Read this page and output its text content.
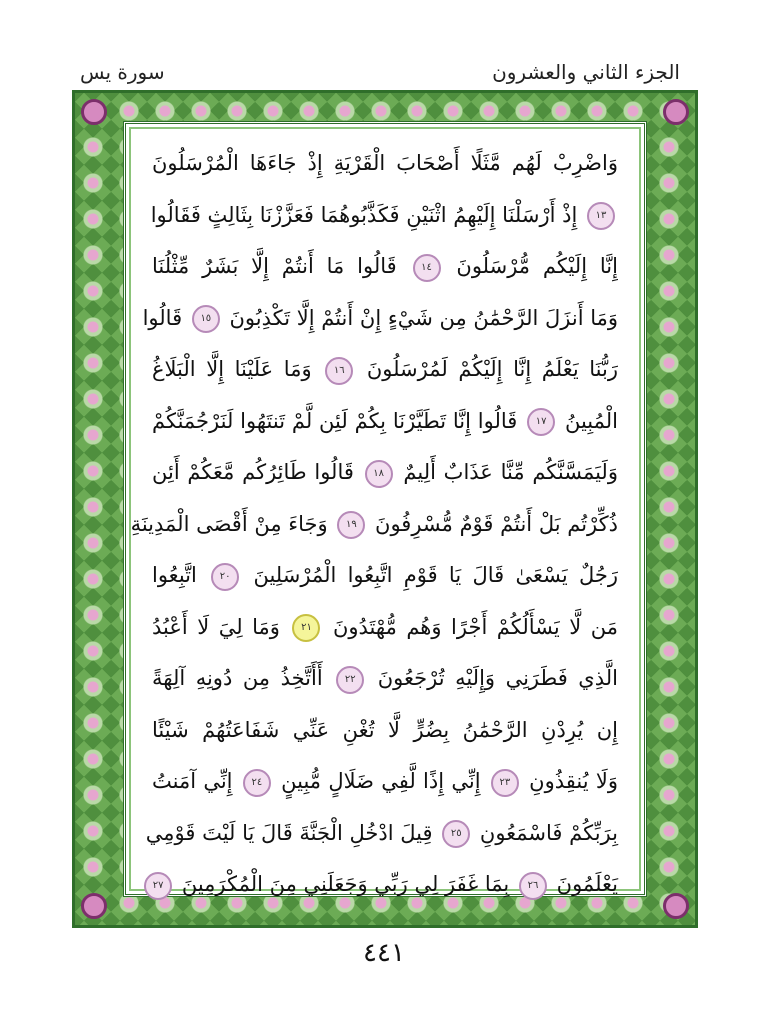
الجزء الثاني والعشرون
سورة يس
وَاضْرِبْ لَهُم مَّثَلًا أَصْحَابَ الْقَرْيَةِ إِذْ جَاءَهَا الْمُرْسَلُونَ
١٣ إِذْ أَرْسَلْنَا إِلَيْهِمُ اثْنَيْنِ فَكَذَّبُوهُمَا فَعَزَّزْنَا بِثَالِثٍ فَقَالُوا
إِنَّا إِلَيْكُم مُّرْسَلُونَ ١٤ قَالُوا مَا أَنتُمْ إِلَّا بَشَرٌ مِّثْلُنَا
وَمَا أَنزَلَ الرَّحْمَٰنُ مِن شَيْءٍ إِنْ أَنتُمْ إِلَّا تَكْذِبُونَ ١٥ قَالُوا
رَبُّنَا يَعْلَمُ إِنَّا إِلَيْكُمْ لَمُرْسَلُونَ ١٦ وَمَا عَلَيْنَا إِلَّا الْبَلَاغُ
الْمُبِينُ ١٧ قَالُوا إِنَّا تَطَيَّرْنَا بِكُمْ لَئِن لَّمْ تَنتَهُوا لَنَرْجُمَنَّكُمْ
وَلَيَمَسَّنَّكُم مِّنَّا عَذَابٌ أَلِيمٌ ١٨ قَالُوا طَائِرُكُم مَّعَكُمْ أَئِن
ذُكِّرْتُم بَلْ أَنتُمْ قَوْمٌ مُّسْرِفُونَ ١٩ وَجَاءَ مِنْ أَقْصَى الْمَدِينَةِ
رَجُلٌ يَسْعَىٰ قَالَ يَا قَوْمِ اتَّبِعُوا الْمُرْسَلِينَ ٢٠ اتَّبِعُوا
مَن لَّا يَسْأَلُكُمْ أَجْرًا وَهُم مُّهْتَدُونَ ٢١ وَمَا لِيَ لَا أَعْبُدُ
الَّذِي فَطَرَنِي وَإِلَيْهِ تُرْجَعُونَ ٢٢ أَأَتَّخِذُ مِن دُونِهِ آلِهَةً
إِن يُرِدْنِ الرَّحْمَٰنُ بِضُرٍّ لَّا تُغْنِ عَنِّي شَفَاعَتُهُمْ شَيْئًا
وَلَا يُنقِذُونِ ٢٣ إِنِّي إِذًا لَّفِي ضَلَالٍ مُّبِينٍ ٢٤ إِنِّي آمَنتُ
بِرَبِّكُمْ فَاسْمَعُونِ ٢٥ قِيلَ ادْخُلِ الْجَنَّةَ قَالَ يَا لَيْتَ قَوْمِي
يَعْلَمُونَ ٢٦ بِمَا غَفَرَ لِي رَبِّي وَجَعَلَنِي مِنَ الْمُكْرَمِينَ ٢٧
٤٤١
